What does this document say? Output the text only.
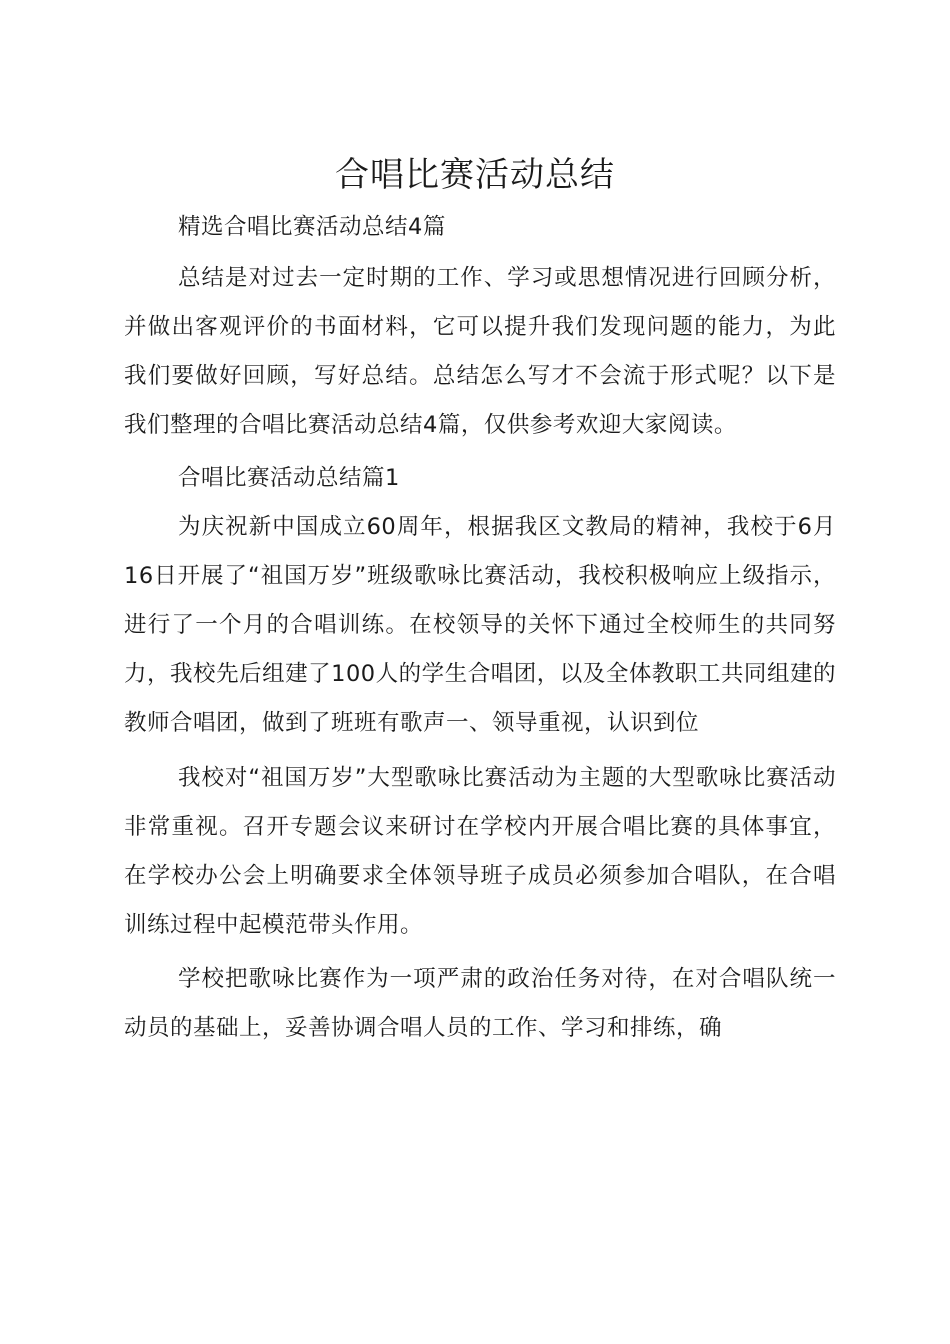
合唱比赛活动总结

精选合唱比赛活动总结4篇

总结是对过去一定时期的工作、学习或思想情况进行回顾分析，并做出客观评价的书面材料，它可以提升我们发现问题的能力，为此我们要做好回顾，写好总结。总结怎么写才不会流于形式呢？以下是我们整理的合唱比赛活动总结4篇，仅供参考欢迎大家阅读。

合唱比赛活动总结篇1

为庆祝新中国成立60周年，根据我区文教局的精神，我校于6月16日开展了“祖国万岁”班级歌咏比赛活动，我校积极响应上级指示，进行了一个月的合唱训练。在校领导的关怀下通过全校师生的共同努力，我校先后组建了100人的学生合唱团，以及全体教职工共同组建的教师合唱团，做到了班班有歌声一、领导重视，认识到位

我校对“祖国万岁”大型歌咏比赛活动为主题的大型歌咏比赛活动非常重视。召开专题会议来研讨在学校内开展合唱比赛的具体事宜，在学校办公会上明确要求全体领导班子成员必须参加合唱队，在合唱训练过程中起模范带头作用。

学校把歌咏比赛作为一项严肃的政治任务对待，在对合唱队统一动员的基础上，妥善协调合唱人员的工作、学习和排练，确
